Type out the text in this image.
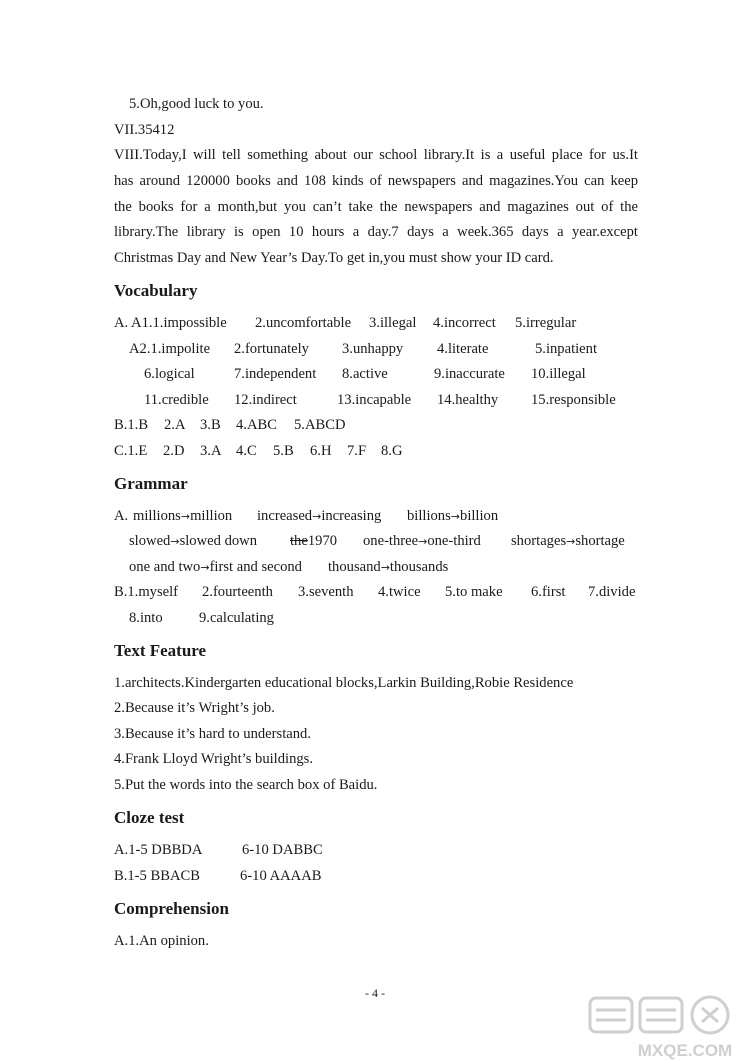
5.Oh,good luck to you.
VII.35412
VIII.Today,I will tell something about our school library.It is a useful place for us.It
has around 120000 books and 108 kinds of newspapers and magazines.You can keep
the books for a month,but you can’t take the newspapers and magazines out of the
library.The library is open 10 hours a day.7 days a week.365 days a year.except
Christmas Day and New Year’s Day.To get in,you must show your ID card.
Vocabulary
A. A1.1.impossible 2.uncomfortable 3.illegal 4.incorrect 5.irregular
A2.1.impolite 2.fortunately 3.unhappy 4.literate	5.inpatient
6.logical	7.independent 8.active	9.inaccurate 10.illegal
11.credible 12.indirect	13.incapable 14.healthy 15.responsible
B.1.B 2.A 3.B 4.ABC 5.ABCD
C.1.E 2.D 3.A 4.C 5.B 6.H 7.F 8.G
Grammar
A. millions→million increased→increasing billions→billion
slowed→slowed down the1970 one-three→one-third shortages→shortage
one and two→first and second thousand→thousands
B.1.myself 2.fourteenth 3.seventh 4.twice 5.to make 6.first 7.divide
8.into 9.calculating
Text Feature
1.architects.Kindergarten educational blocks,Larkin Building,Robie Residence
2.Because it’s Wright’s job.
3.Because it’s hard to understand.
4.Frank Lloyd Wright’s buildings.
5.Put the words into the search box of Baidu.
Cloze test
A.1-5 DBBDA	6-10 DABBC
B.1-5 BBACB	6-10 AAAAB
Comprehension
A.1.An opinion.
- 4 -
MXQE.COM
